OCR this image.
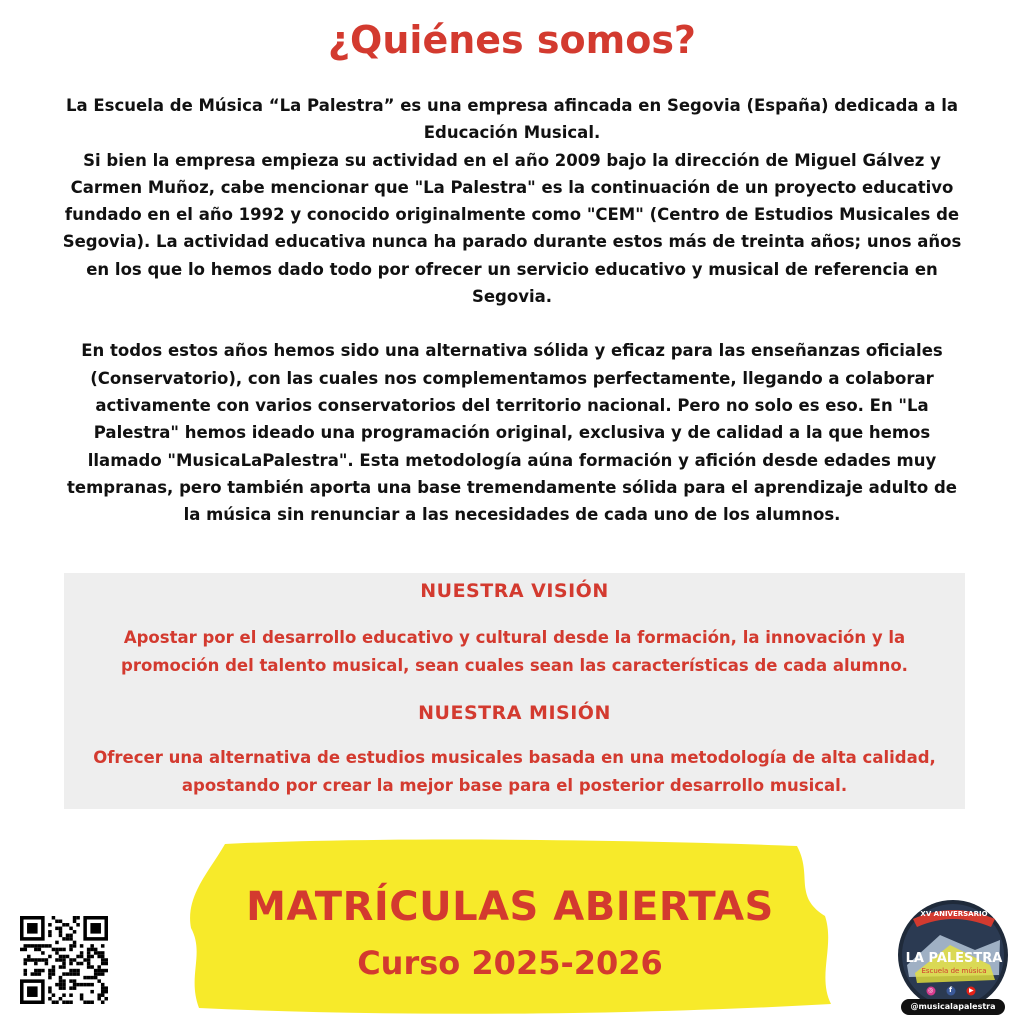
¿Quiénes somos?

La Escuela de Música “La Palestra” es una empresa afincada en Segovia (España) dedicada a la Educación Musical.

Si bien la empresa empieza su actividad en el año 2009 bajo la dirección de Miguel Gálvez y Carmen Muñoz, cabe mencionar que "La Palestra" es la continuación de un proyecto educativo fundado en el año 1992 y conocido originalmente como "CEM" (Centro de Estudios Musicales de Segovia). La actividad educativa nunca ha parado durante estos más de treinta años; unos años en los que lo hemos dado todo por ofrecer un servicio educativo y musical de referencia en Segovia.

En todos estos años hemos sido una alternativa sólida y eficaz para las enseñanzas oficiales (Conservatorio), con las cuales nos complementamos perfectamente, llegando a colaborar activamente con varios conservatorios del territorio nacional. Pero no solo es eso. En "La Palestra" hemos ideado una programación original, exclusiva y de calidad a la que hemos llamado "MusicaLaPalestra". Esta metodología aúna formación y afición desde edades muy tempranas, pero también aporta una base tremendamente sólida para el aprendizaje adulto de la música sin renunciar a las necesidades de cada uno de los alumnos.

NUESTRA VISIÓN

Apostar por el desarrollo educativo y cultural desde la formación, la innovación y la promoción del talento musical, sean cuales sean las características de cada alumno.

NUESTRA MISIÓN

Ofrecer una alternativa de estudios musicales basada en una metodología de alta calidad, apostando por crear la mejor base para el posterior desarrollo musical.

MATRÍCULAS ABIERTAS
Curso 2025-2026
XV ANIVERSARIO
LA PALESTRA
Escuela de música
◎ f	▶
@musicalapalestra
